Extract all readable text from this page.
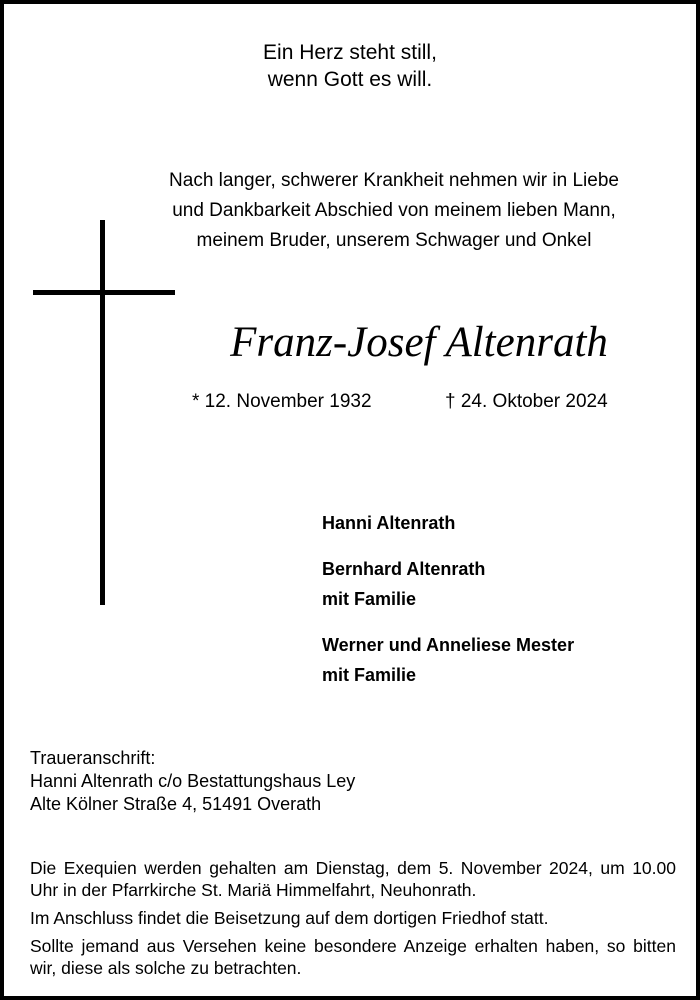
Ein Herz steht still,
wenn Gott es will.
Nach langer, schwerer Krankheit nehmen wir in Liebe
und Dankbarkeit Abschied von meinem lieben Mann,
meinem Bruder, unserem Schwager und Onkel
Franz-Josef Altenrath
* 12. November 1932	† 24. Oktober 2024
Hanni Altenrath
Bernhard Altenrath
mit Familie
Werner und Anneliese Mester
mit Familie
Traueranschrift:
Hanni Altenrath c/o Bestattungshaus Ley
Alte Kölner Straße 4, 51491 Overath

Die Exequien werden gehalten am Dienstag, dem 5. November 2024, um 10.00 Uhr in der Pfarrkirche St. Mariä Himmelfahrt, Neuhonrath.

Im Anschluss findet die Beisetzung auf dem dortigen Friedhof statt.

Sollte jemand aus Versehen keine besondere Anzeige erhalten haben, so bitten wir, diese als solche zu betrachten.
